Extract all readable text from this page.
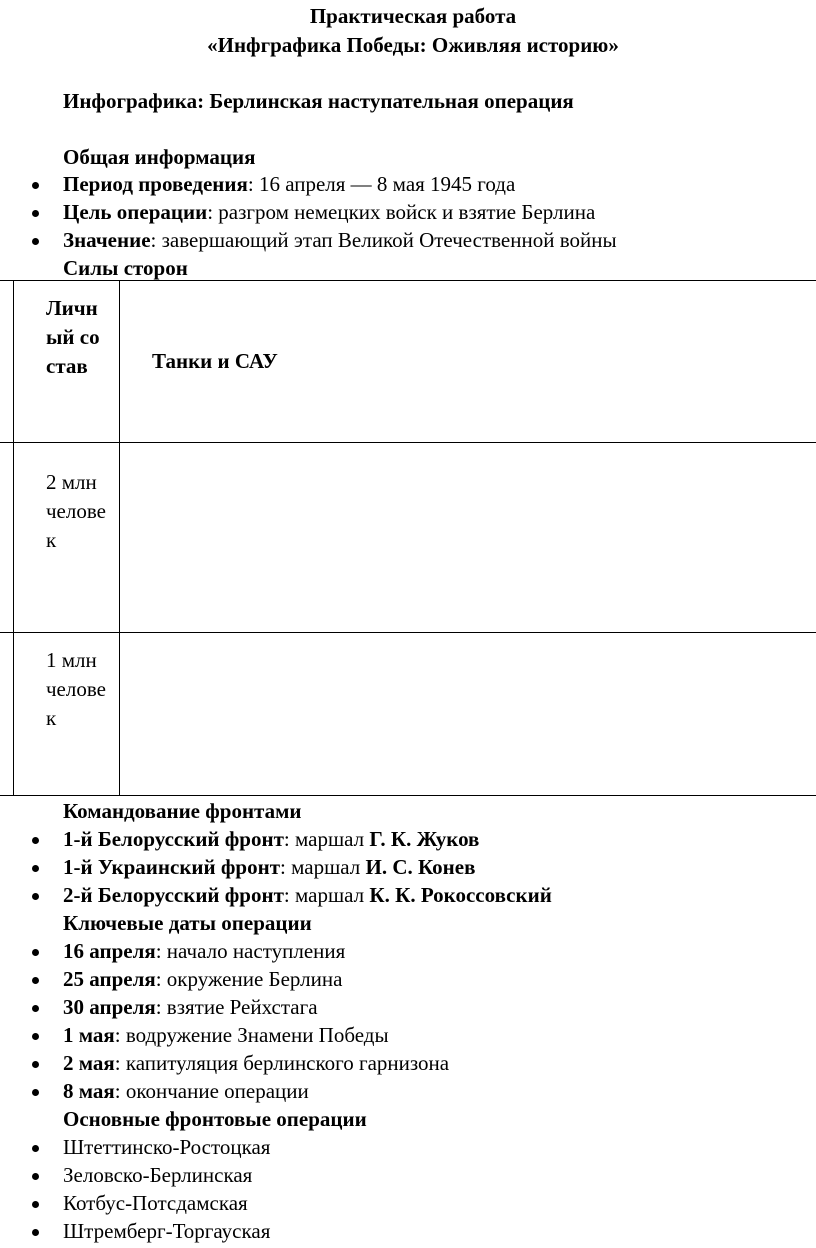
Практическая работа
«Инфграфика Победы: Оживляя историю»
Инфографика: Берлинская наступательная операция
Общая информация
Период проведения: 16 апреля — 8 мая 1945 года
Цель операции: разгром немецких войск и взятие Берлина
Значение: завершающий этап Великой Отечественной войны
Силы сторон
Личный состав	Танки и САУ
2 млн человек
1 млн человек
Командование фронтами
1-й Белорусский фронт: маршал Г. К. Жуков
1-й Украинский фронт: маршал И. С. Конев
2-й Белорусский фронт: маршал К. К. Рокоссовский
Ключевые даты операции
16 апреля: начало наступления
25 апреля: окружение Берлина
30 апреля: взятие Рейхстага
1 мая: водружение Знамени Победы
2 мая: капитуляция берлинского гарнизона
8 мая: окончание операции
Основные фронтовые операции
Штеттинско-Ростоцкая
Зеловско-Берлинская
Котбус-Потсдамская
Штремберг-Торгауская
